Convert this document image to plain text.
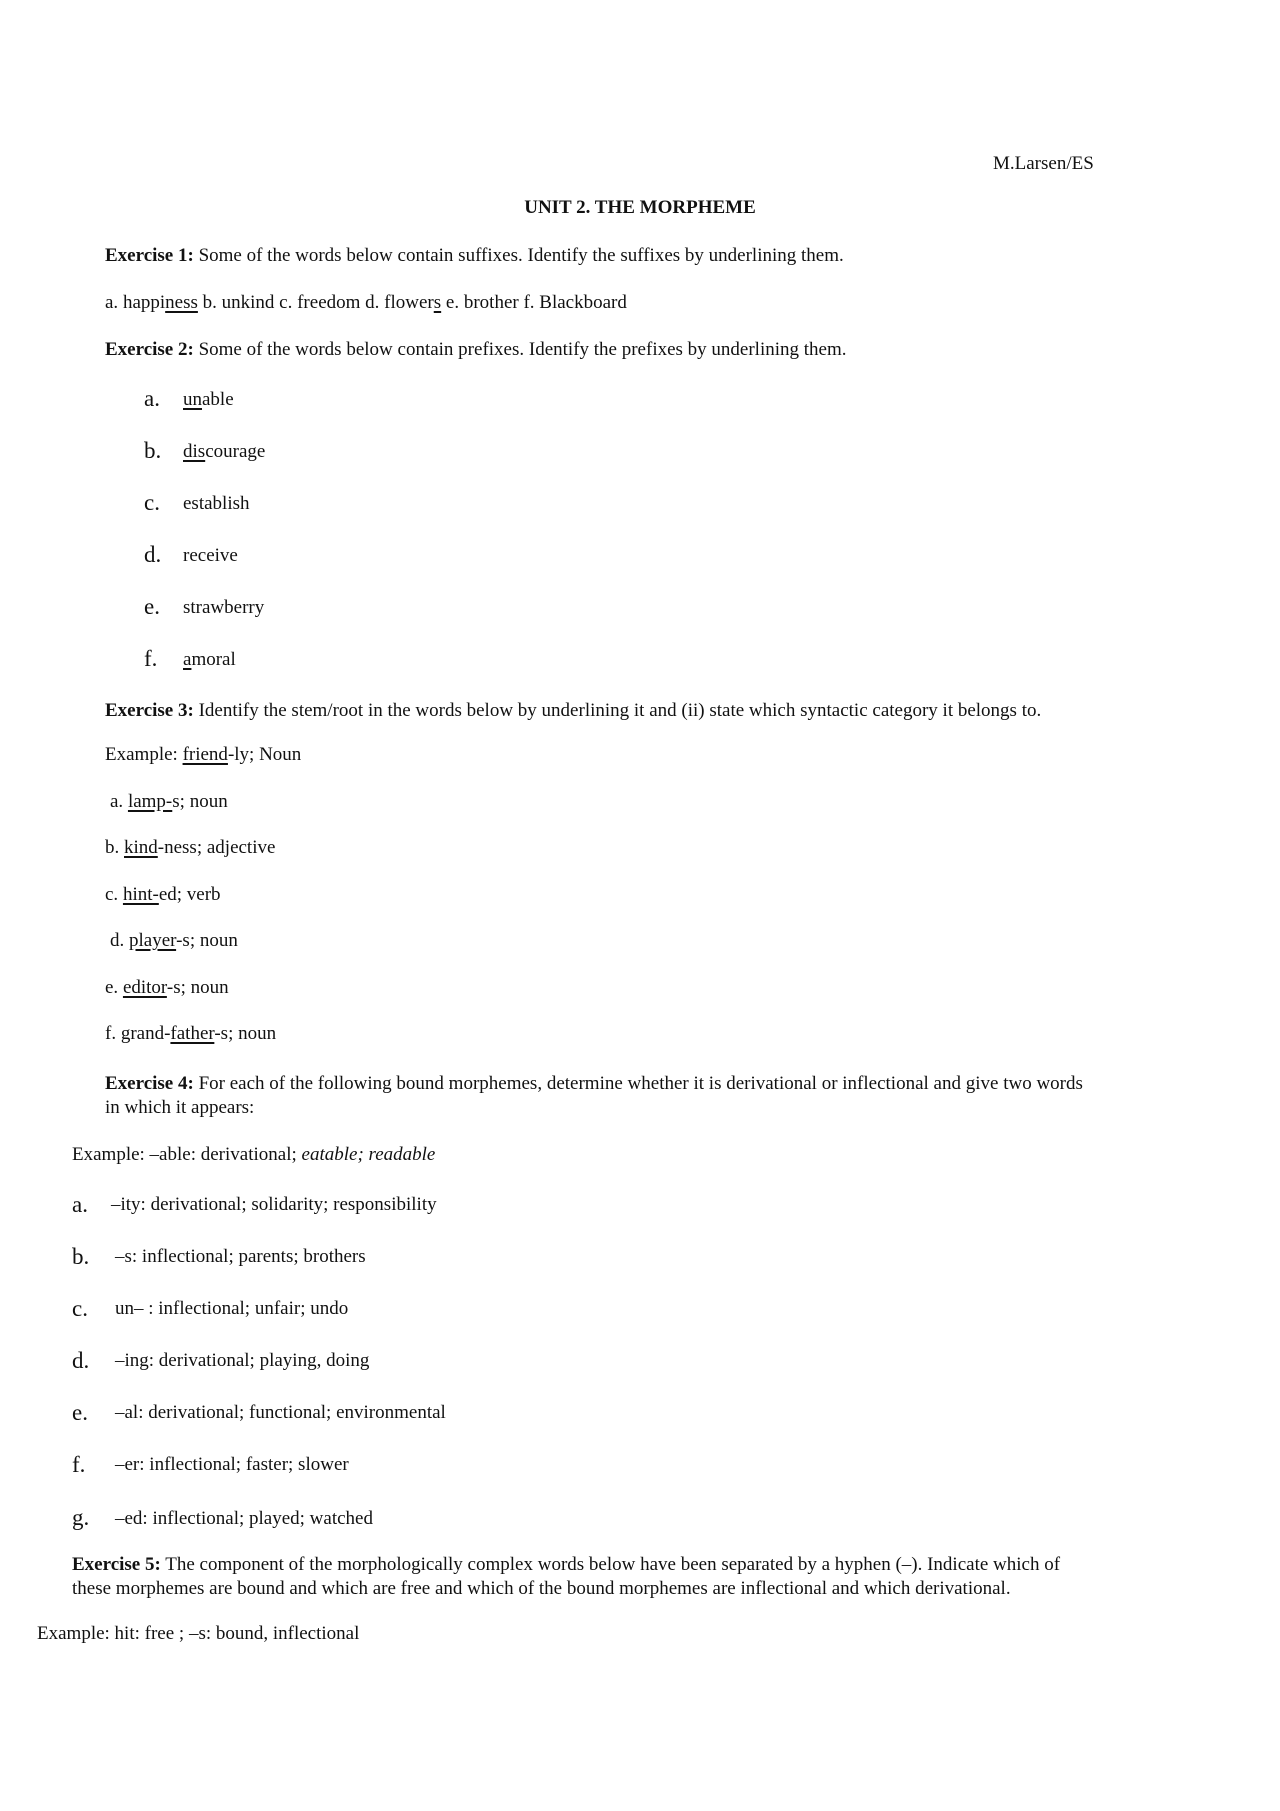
M.Larsen/ES
UNIT 2. THE MORPHEME
Exercise 1: Some of the words below contain suffixes. Identify the suffixes by underlining them.
a. happiness b. unkind c. freedom d. flowers e. brother f. Blackboard
Exercise 2: Some of the words below contain prefixes. Identify the prefixes by underlining them.
a. unable
b. discourage
c. establish
d. receive
e. strawberry
f. amoral
Exercise 3: Identify the stem/root in the words below by underlining it and (ii) state which syntactic category it belongs to.
Example: friend-ly; Noun
a. lamp-s; noun
b. kind-ness; adjective
c. hint-ed; verb
d. player-s; noun
e. editor-s; noun
f. grand-father-s; noun
Exercise 4: For each of the following bound morphemes, determine whether it is derivational or inflectional and give two words in which it appears:
Example: –able: derivational; eatable; readable
a. –ity: derivational; solidarity; responsibility
b. –s: inflectional; parents; brothers
c. un– : inflectional; unfair; undo
d. –ing: derivational; playing, doing
e. –al: derivational; functional; environmental
f. –er: inflectional; faster; slower
g. –ed: inflectional; played; watched
Exercise 5: The component of the morphologically complex words below have been separated by a hyphen (–). Indicate which of these morphemes are bound and which are free and which of the bound morphemes are inflectional and which derivational.
Example: hit: free ; –s: bound, inflectional
